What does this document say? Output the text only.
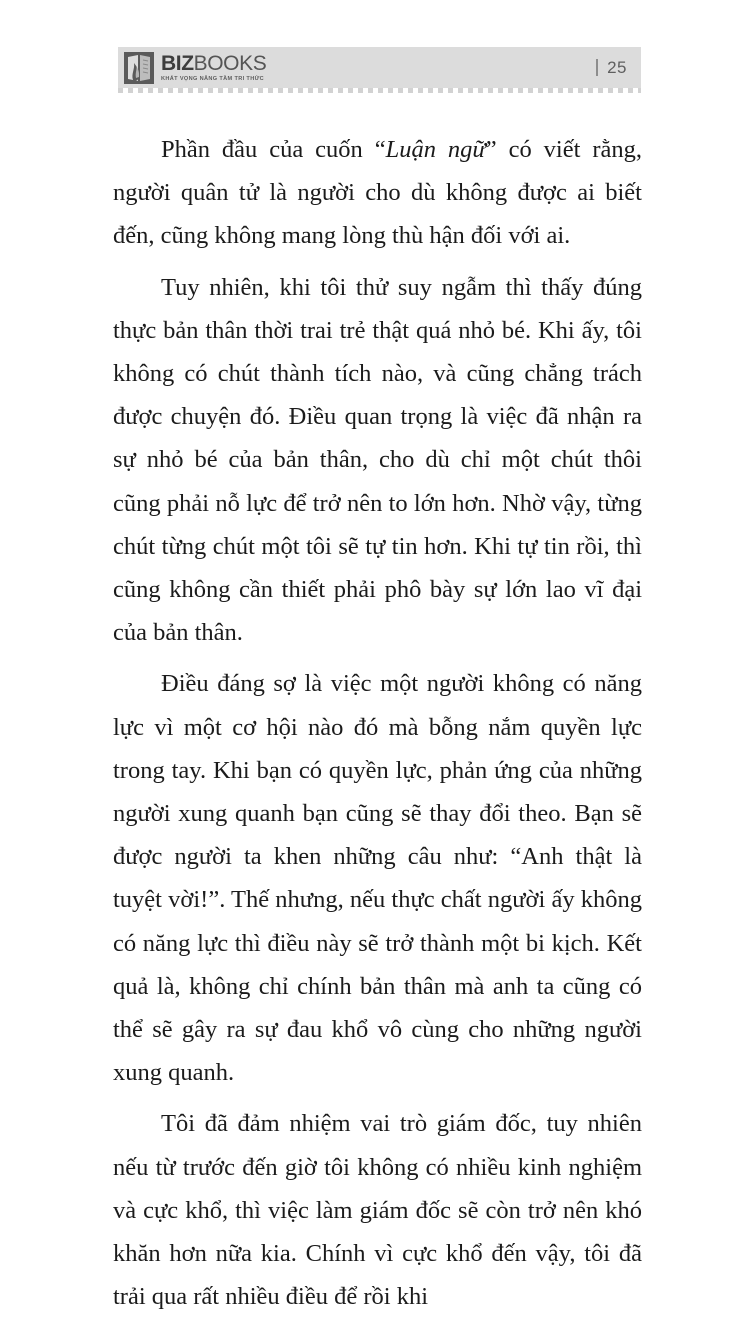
BIZBOOKS
KHÁT VỌNG NÂNG TẦM TRI THỨC
25

Phần đầu của cuốn “Luận ngữ” có viết rằng, người quân tử là người cho dù không được ai biết đến, cũng không mang lòng thù hận đối với ai.

Tuy nhiên, khi tôi thử suy ngẫm thì thấy đúng thực bản thân thời trai trẻ thật quá nhỏ bé. Khi ấy, tôi không có chút thành tích nào, và cũng chẳng trách được chuyện đó. Điều quan trọng là việc đã nhận ra sự nhỏ bé của bản thân, cho dù chỉ một chút thôi cũng phải nỗ lực để trở nên to lớn hơn. Nhờ vậy, từng chút từng chút một tôi sẽ tự tin hơn. Khi tự tin rồi, thì cũng không cần thiết phải phô bày sự lớn lao vĩ đại của bản thân.

Điều đáng sợ là việc một người không có năng lực vì một cơ hội nào đó mà bỗng nắm quyền lực trong tay. Khi bạn có quyền lực, phản ứng của những người xung quanh bạn cũng sẽ thay đổi theo. Bạn sẽ được người ta khen những câu như: “Anh thật là tuyệt vời!”. Thế nhưng, nếu thực chất người ấy không có năng lực thì điều này sẽ trở thành một bi kịch. Kết quả là, không chỉ chính bản thân mà anh ta cũng có thể sẽ gây ra sự đau khổ vô cùng cho những người xung quanh.

Tôi đã đảm nhiệm vai trò giám đốc, tuy nhiên nếu từ trước đến giờ tôi không có nhiều kinh nghiệm và cực khổ, thì việc làm giám đốc sẽ còn trở nên khó khăn hơn nữa kia. Chính vì cực khổ đến vậy, tôi đã trải qua rất nhiều điều để rồi khi
